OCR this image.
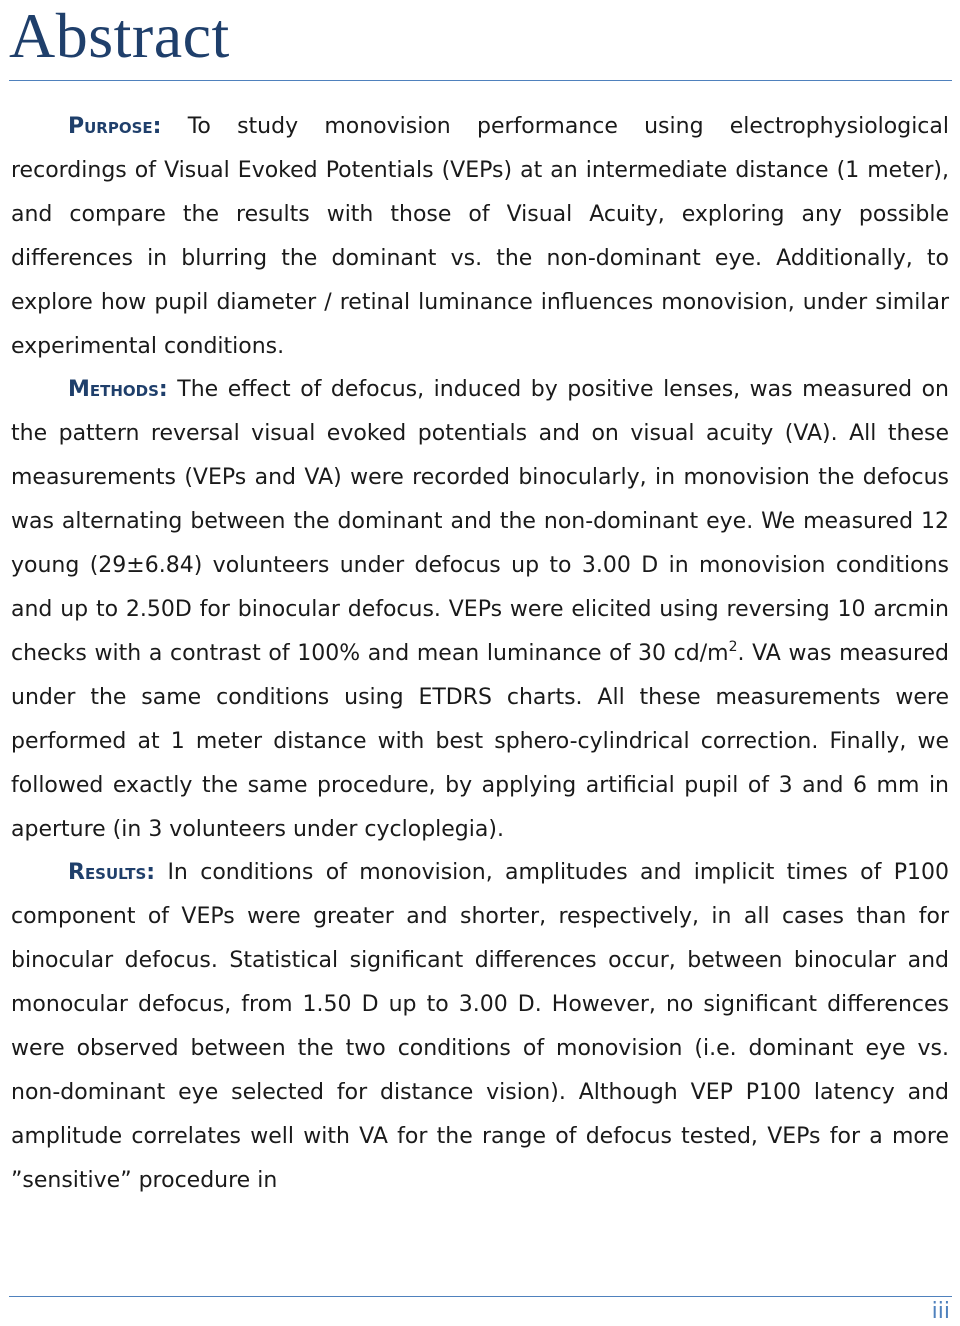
Abstract

Purpose: To study monovision performance using electrophysiological recordings of Visual Evoked Potentials (VEPs) at an intermediate distance (1 meter), and compare the results with those of Visual Acuity, exploring any possible differences in blurring the dominant vs. the non-dominant eye. Additionally, to explore how pupil diameter / retinal luminance influences monovision, under similar experimental conditions.

Methods: The effect of defocus, induced by positive lenses, was measured on the pattern reversal visual evoked potentials and on visual acuity (VA). All these measurements (VEPs and VA) were recorded binocularly, in monovision the defocus was alternating between the dominant and the non-dominant eye. We measured 12 young (29±6.84) volunteers under defocus up to 3.00 D in monovision conditions and up to 2.50D for binocular defocus. VEPs were elicited using reversing 10 arcmin checks with a contrast of 100% and mean luminance of 30 $cd/m^2$. VA was measured under the same conditions using ETDRS charts. All these measurements were performed at 1 meter distance with best sphero-cylindrical correction. Finally, we followed exactly the same procedure, by applying artificial pupil of 3 and 6 mm in aperture (in 3 volunteers under cycloplegia).

Results: In conditions of monovision, amplitudes and implicit times of P100 component of VEPs were greater and shorter, respectively, in all cases than for binocular defocus. Statistical significant differences occur, between binocular and monocular defocus, from 1.50 D up to 3.00 D. However, no significant differences were observed between the two conditions of monovision (i.e. dominant eye vs. non-dominant eye selected for distance vision). Although VEP P100 latency and amplitude correlates well with VA for the range of defocus tested, VEPs for a more ”sensitive” procedure in

iii
